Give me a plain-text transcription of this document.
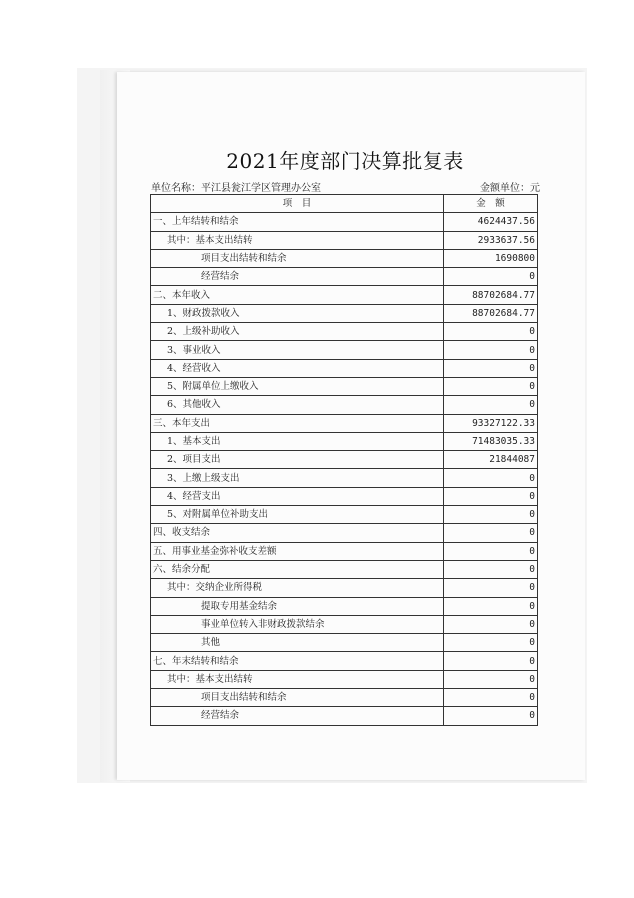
2021年度部门决算批复表
单位名称：平江县瓮江学区管理办公室	金额单位：元
项　目	金　额
一、上年结转和结余	4624437.56
其中：基本支出结转	2933637.56
项目支出结转和结余	1690800
经营结余	0
二、本年收入	88702684.77
1、财政拨款收入	88702684.77
2、上级补助收入	0
3、事业收入	0
4、经营收入	0
5、附属单位上缴收入	0
6、其他收入	0
三、本年支出	93327122.33
1、基本支出	71483035.33
2、项目支出	21844087
3、上缴上级支出	0
4、经营支出	0
5、对附属单位补助支出	0
四、收支结余	0
五、用事业基金弥补收支差额	0
六、结余分配	0
其中：交纳企业所得税	0
提取专用基金结余	0
事业单位转入非财政拨款结余	0
其他	0
七、年末结转和结余	0
其中：基本支出结转	0
项目支出结转和结余	0
经营结余	0
